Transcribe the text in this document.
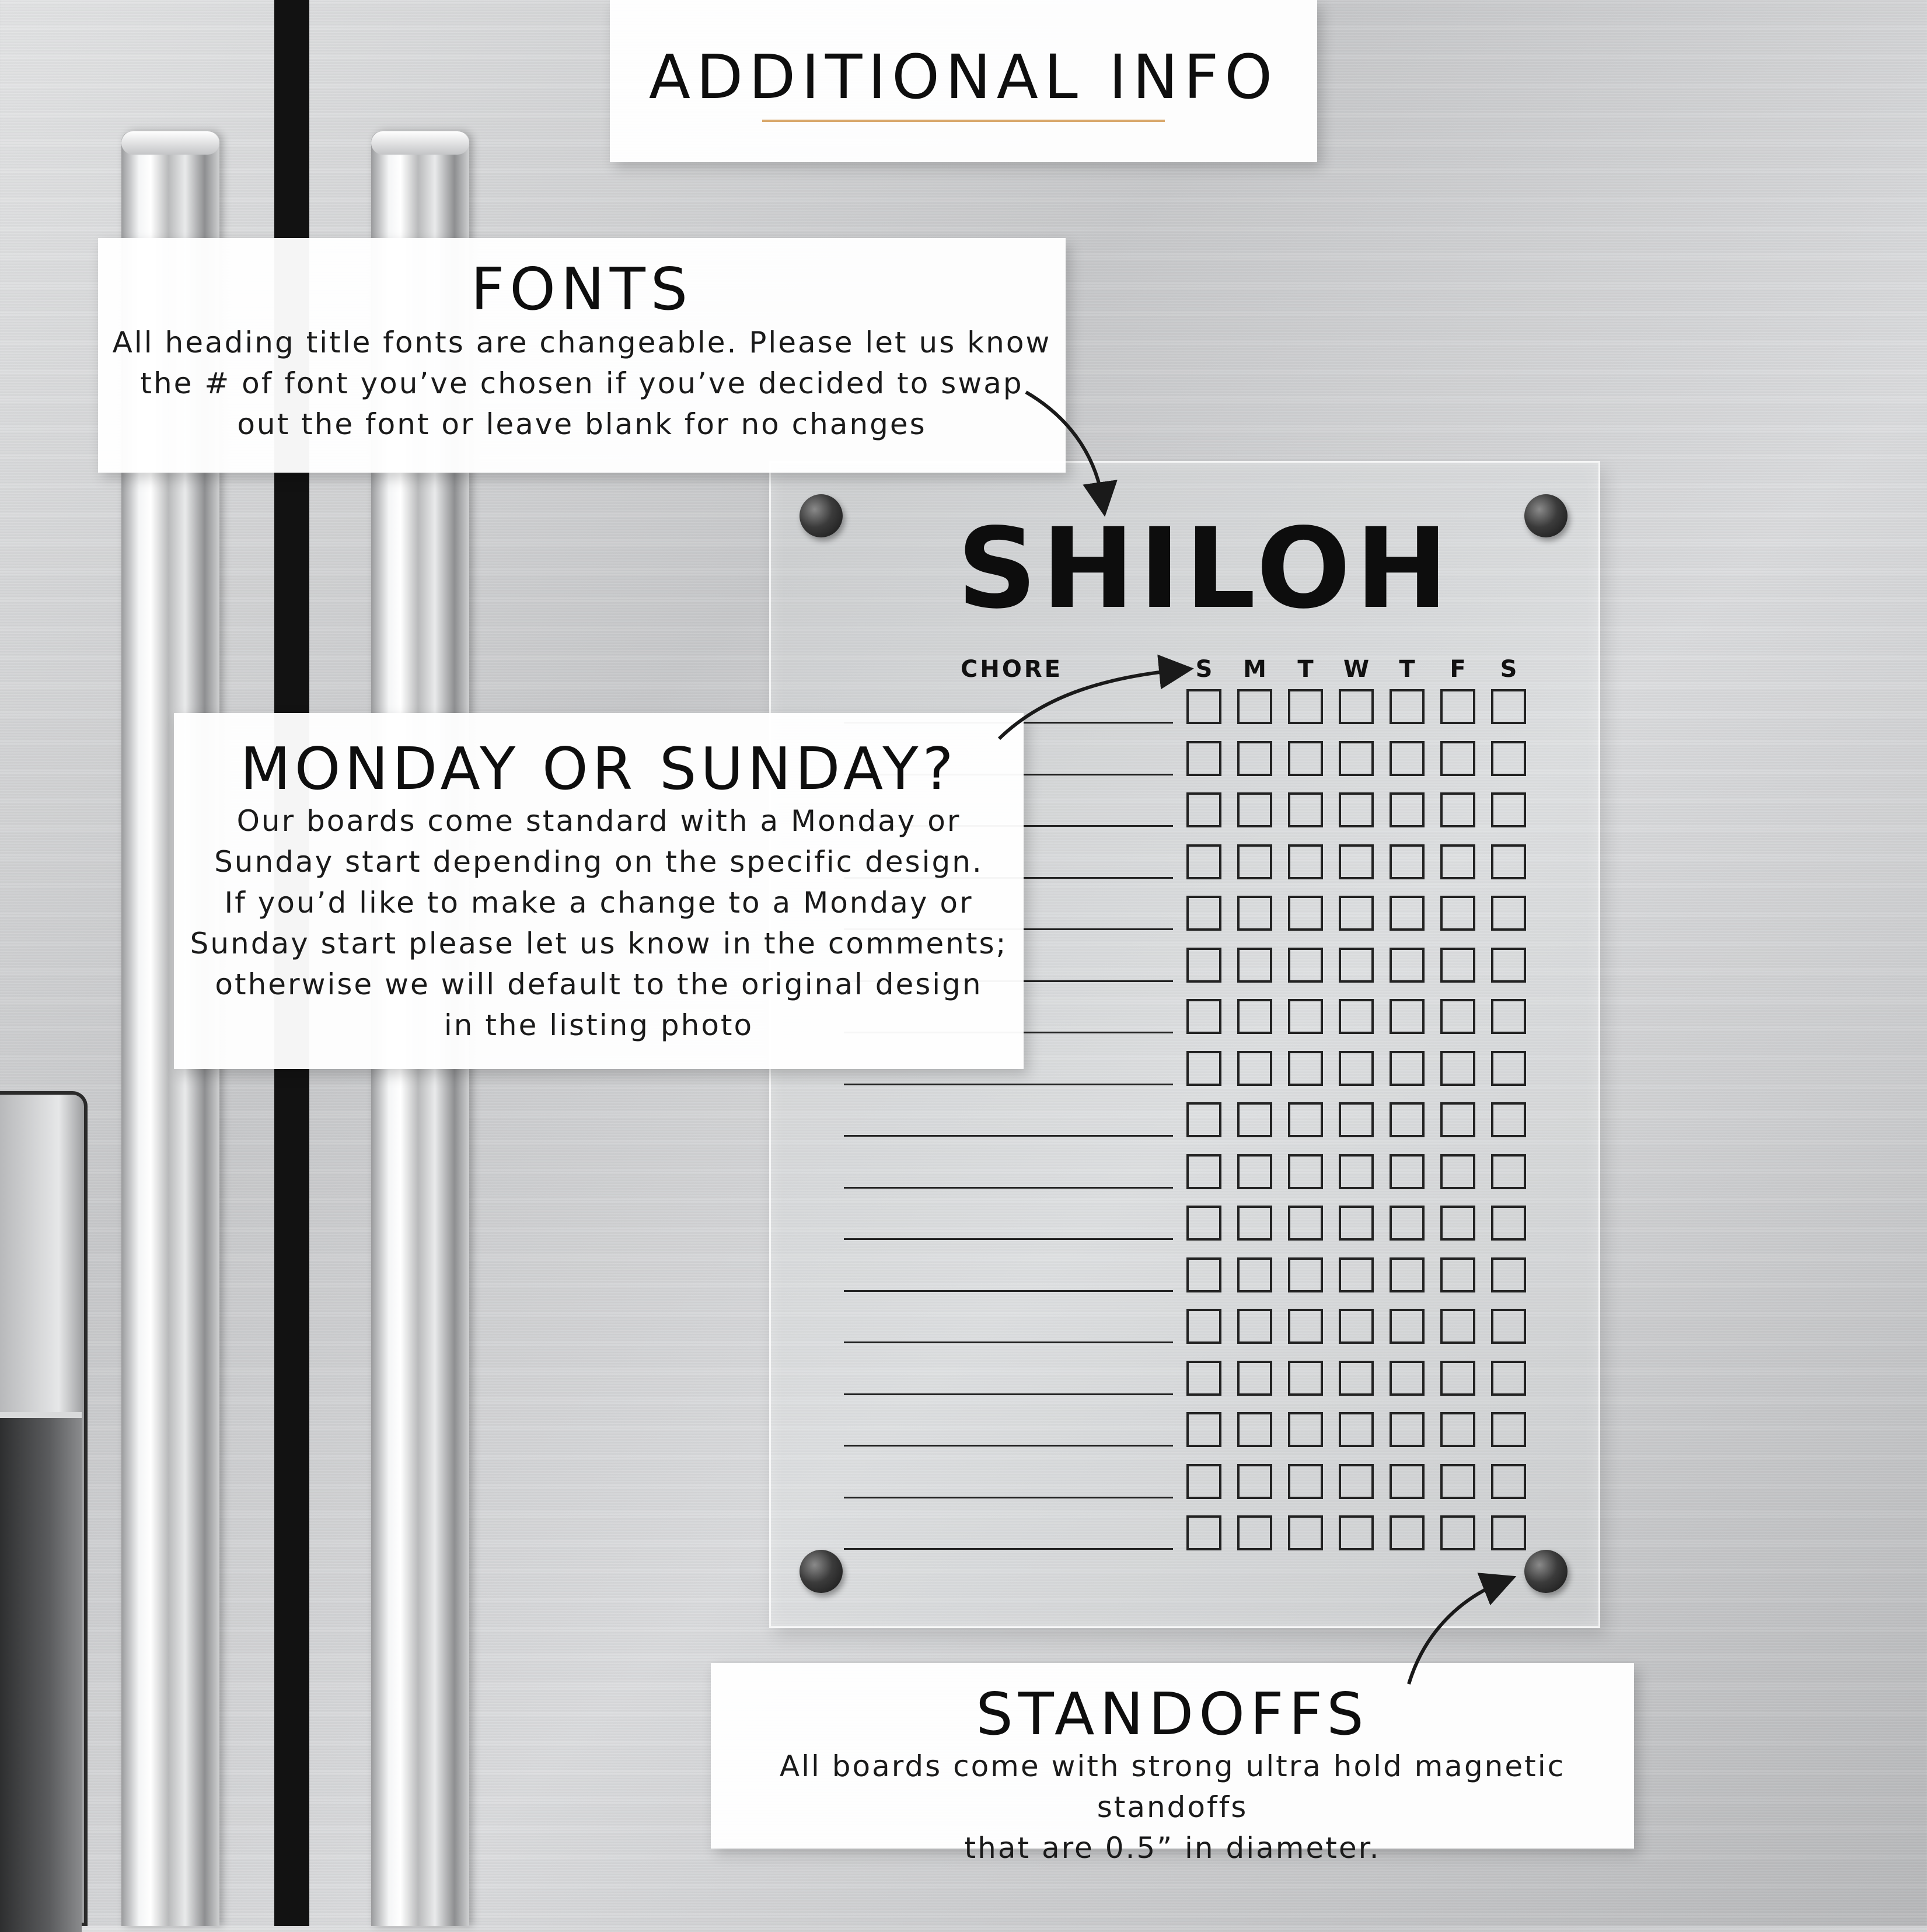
SHILOH
CHORE	S	M	T	W	T	F	S
ADDITIONAL INFO
FONTS
All heading title fonts are changeable. Please let us know
the # of font you’ve chosen if you’ve decided to swap
out the font or leave blank for no changes
MONDAY OR SUNDAY?
Our boards come standard with a Monday or
Sunday start depending on the specific design.
If you’d like to make a change to a Monday or
Sunday start please let us know in the comments;
otherwise we will default to the original design
in the listing photo
STANDOFFS
All boards come with strong ultra hold magnetic standoffs
that are 0.5” in diameter.
